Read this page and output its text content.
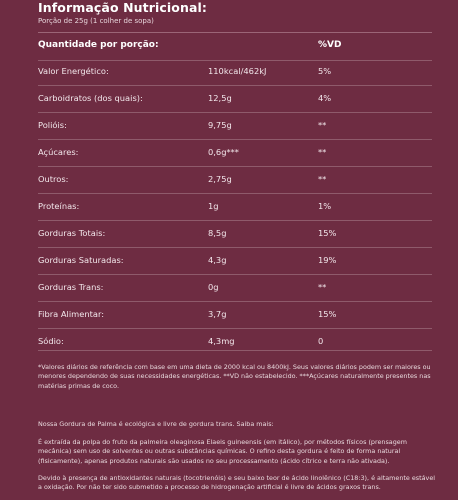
Informação Nutricional:
Porção de 25g (1 colher de sopa)
Quantidade por porção:	%VD
Valor Energético:	110kcal/462kJ	5%
Carboidratos (dos quais):	12,5g	4%
Polióis:	9,75g	**
Açúcares:	0,6g***	**
Outros:	2,75g	**
Proteínas:	1g	1%
Gorduras Totais:	8,5g	15%
Gorduras Saturadas:	4,3g	19%
Gorduras Trans:	0g	**
Fibra Alimentar:	3,7g	15%
Sódio:	4,3mg	0
*Valores diários de referência com base em uma dieta de 2000 kcal ou 8400kJ. Seus valores diários podem ser maiores ou menores dependendo de suas necessidades energéticas. **VD não estabelecido. ***Açúcares naturalmente presentes nas matérias primas de coco.
Nossa Gordura de Palma é ecológica e livre de gordura trans. Saiba mais:
É extraída da polpa do fruto da palmeira oleaginosa Elaeis guineensis (em itálico), por métodos físicos (prensagem mecânica) sem uso de solventes ou outras substâncias químicas. O refino desta gordura é feito de forma natural (fisicamente), apenas produtos naturais são usados no seu processamento (ácido cítrico e terra não ativada).
Devido à presença de antioxidantes naturais (tocotrienóis) e seu baixo teor de ácido linolênico (C18:3), é altamente estável a oxidação. Por não ter sido submetido a processo de hidrogenação artificial é livre de ácidos graxos trans.
